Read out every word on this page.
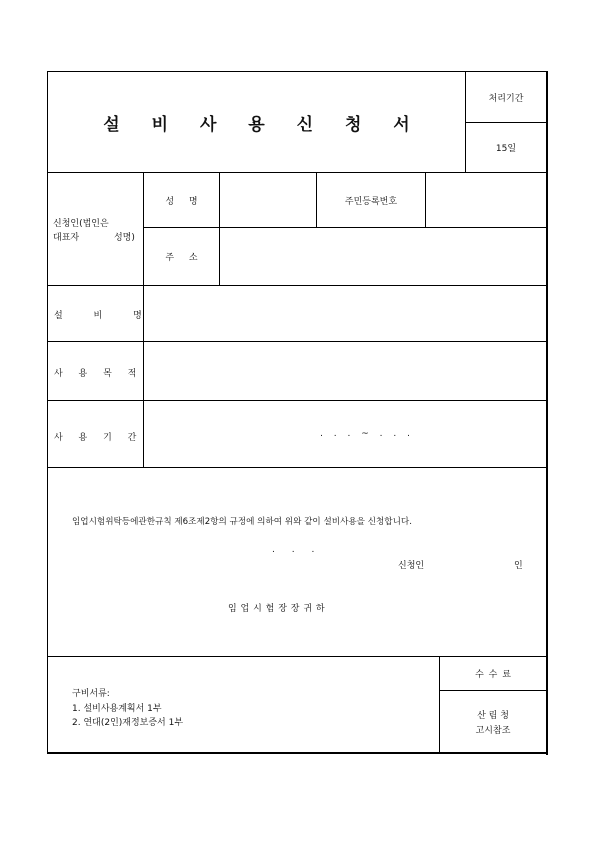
설 비 사 용 신 청 서
처리기간
15일
신청인(법인은
대표자 성명)
성 명	주민등록번호
주 소
설 비 명
사 용 목 적
사 용 기 간	. . . ~ . . .
임업시험위탁등에관한규칙 제6조제2항의 규정에 의하여 위와 같이 설비사용을 신청합니다.
. . .
신청인	인
임 업 시 험 장 장 귀 하
구비서류:
1. 설비사용계획서 1부
2. 연대(2인)재정보증서 1부
수 수 료
산 림 청
고시참조
